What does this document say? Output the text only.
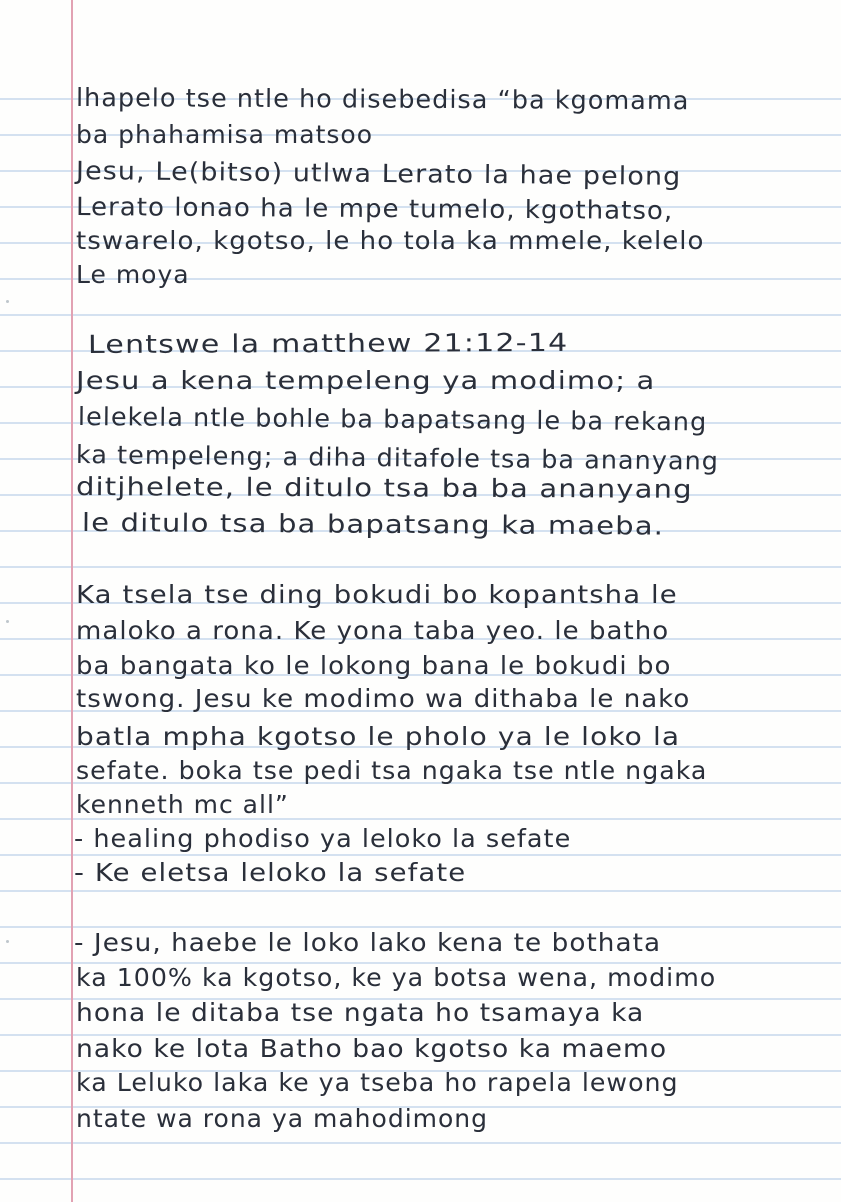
lhapelo tse ntle ho disebedisa “ba kgomama
ba phahamisa matsoo
Jesu, Le(bitso) utlwa Lerato la hae pelong
Lerato lonao ha le mpe tumelo, kgothatso,
tswarelo, kgotso, le ho tola ka mmele, kelelo
Le moya
Lentswe la matthew 21:12-14
Jesu a kena tempeleng ya modimo; a
lelekela ntle bohle ba bapatsang le ba rekang
ka tempeleng; a diha ditafole tsa ba ananyang
ditjhelete, le ditulo tsa ba ba ananyang
le ditulo tsa ba bapatsang ka maeba.
Ka tsela tse ding bokudi bo kopantsha le
maloko a rona. Ke yona taba yeo. le batho
ba bangata ko le lokong bana le bokudi bo
tswong. Jesu ke modimo wa dithaba le nako
batla mpha kgotso le pholo ya le loko la
sefate. boka tse pedi tsa ngaka tse ntle ngaka
kenneth mc all”
- healing phodiso ya leloko la sefate
- Ke eletsa leloko la sefate
- Jesu, haebe le loko lako kena te bothata
ka 100% ka kgotso, ke ya botsa wena, modimo
hona le ditaba tse ngata ho tsamaya ka
nako ke lota Batho bao kgotso ka maemo
ka Leluko laka ke ya tseba ho rapela lewong
ntate wa rona ya mahodimong
